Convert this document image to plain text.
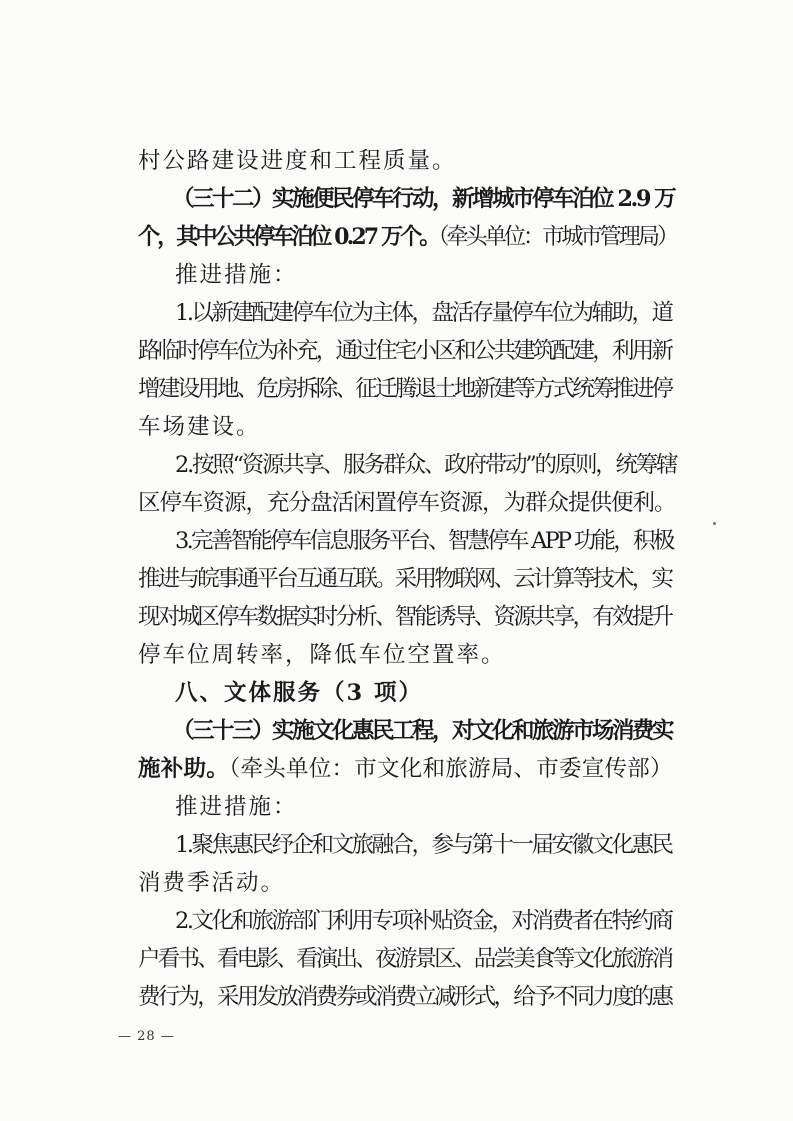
村公路建设进度和工程质量。
（三十二）实施便民停车行动，新增城市停车泊位 2.9 万
个，其中公共停车泊位 0.27 万个。（牵头单位：市城市管理局）
推进措施：
1.以新建配建停车位为主体，盘活存量停车位为辅助，道
路临时停车位为补充，通过住宅小区和公共建筑配建，利用新
增建设用地、危房拆除、征迁腾退土地新建等方式统筹推进停
车场建设。
2.按照“资源共享、服务群众、政府带动”的原则，统筹辖
区停车资源，充分盘活闲置停车资源，为群众提供便利。
3.完善智能停车信息服务平台、智慧停车 APP 功能，积极
推进与皖事通平台互通互联。采用物联网、云计算等技术，实
现对城区停车数据实时分析、智能诱导、资源共享，有效提升
停车位周转率，降低车位空置率。
八、文体服务（3 项）
（三十三）实施文化惠民工程，对文化和旅游市场消费实
施补助。（牵头单位：市文化和旅游局、市委宣传部）
推进措施：
1.聚焦惠民纾企和文旅融合，参与第十一届安徽文化惠民
消费季活动。
2.文化和旅游部门利用专项补贴资金，对消费者在特约商
户看书、看电影、看演出、夜游景区、品尝美食等文化旅游消
费行为，采用发放消费券或消费立减形式，给予不同力度的惠
— 28 —
